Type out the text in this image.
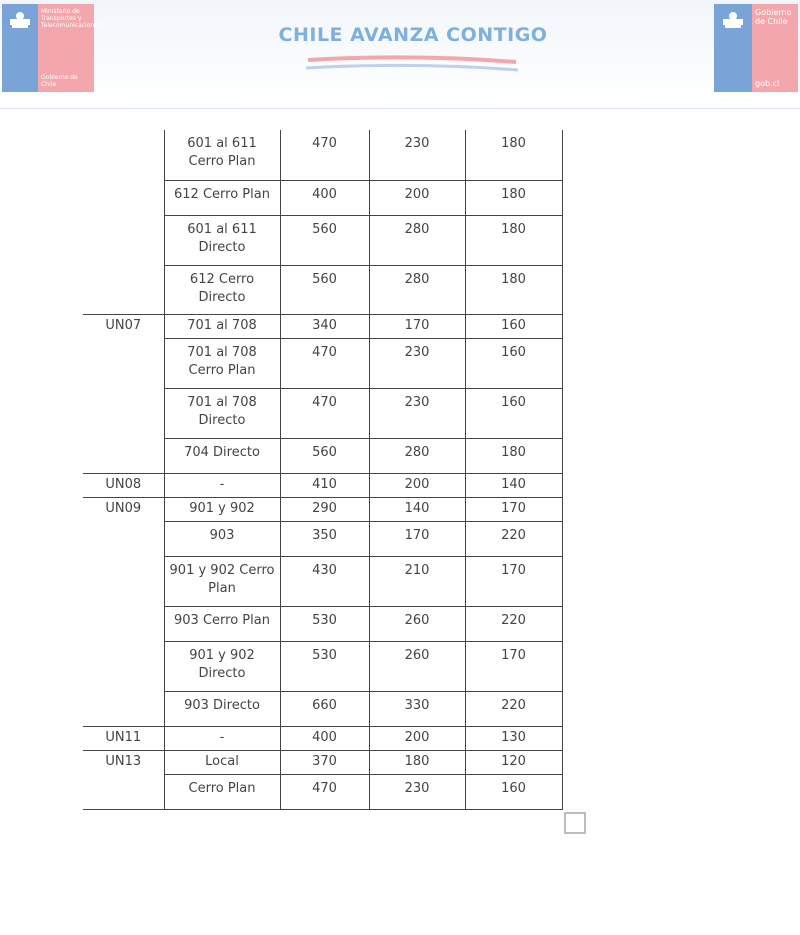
Ministerio de Transportes y Telecomunicaciones
Gobierno de Chile
CHILE AVANZA CONTIGO
Gobierno de Chile
gob.cl
	601 al 611 Cerro Plan	470	230	180
	612 Cerro Plan	400	200	180
	601 al 611 Directo	560	280	180
	612 Cerro Directo	560	280	180
UN07	701 al 708	340	170	160
	701 al 708 Cerro Plan	470	230	160
	701 al 708 Directo	470	230	160
	704 Directo	560	280	180
UN08	-	410	200	140
UN09	901 y 902	290	140	170
	903	350	170	220
	901 y 902 Cerro Plan	430	210	170
	903 Cerro Plan	530	260	220
	901 y 902 Directo	530	260	170
	903 Directo	660	330	220
UN11	-	400	200	130
UN13	Local	370	180	120
	Cerro Plan	470	230	160
